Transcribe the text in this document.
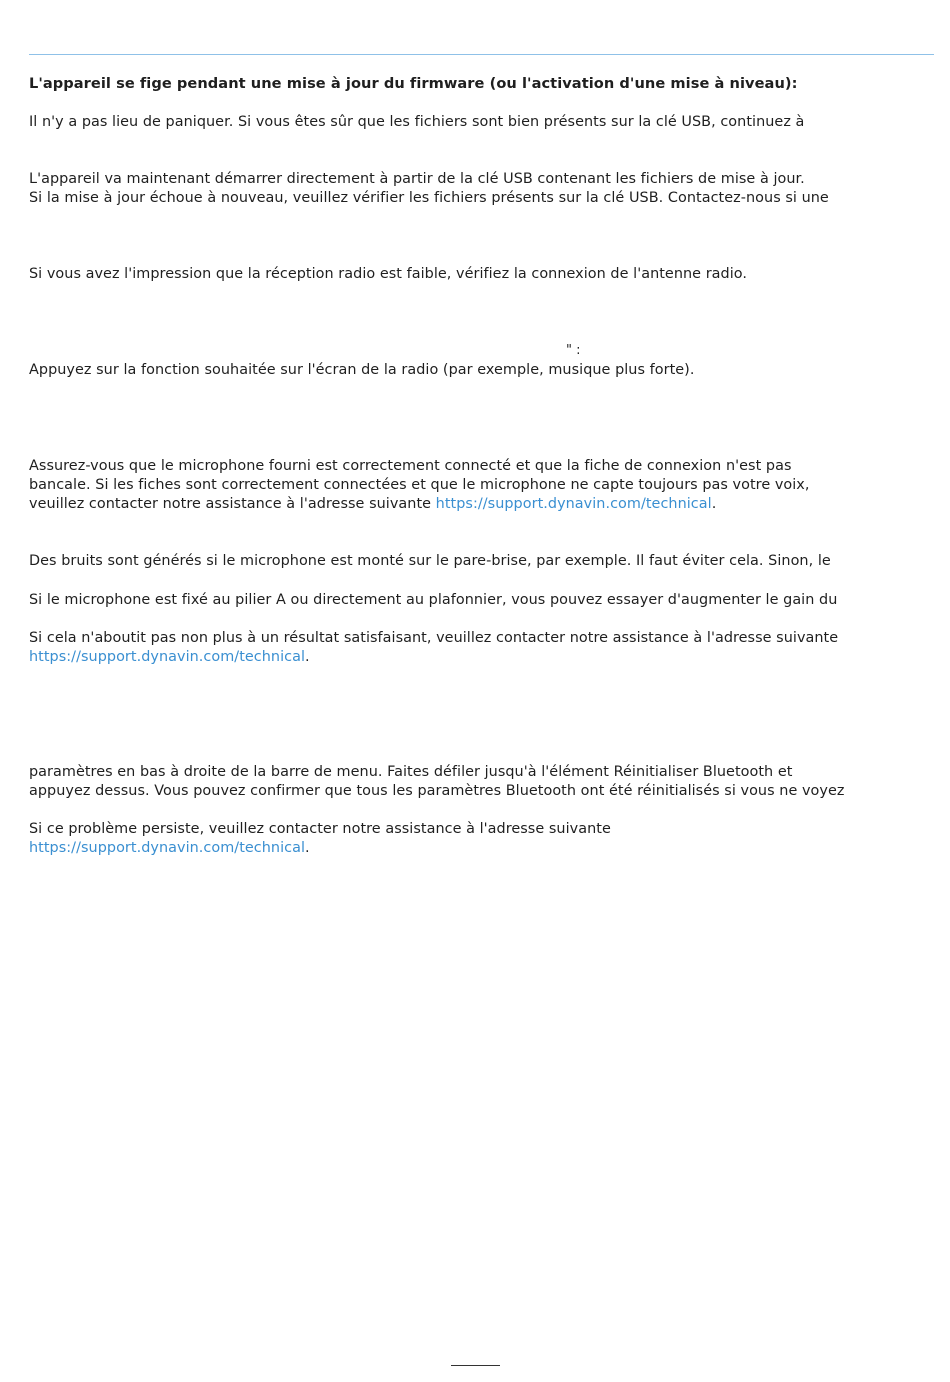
L'appareil se fige pendant une mise à jour du firmware (ou l'activation d'une mise à niveau):
Il n'y a pas lieu de paniquer. Si vous êtes sûr que les fichiers sont bien présents sur la clé USB, continuez à
L'appareil va maintenant démarrer directement à partir de la clé USB contenant les fichiers de mise à jour.
Si la mise à jour échoue à nouveau, veuillez vérifier les fichiers présents sur la clé USB. Contactez-nous si une
Si vous avez l'impression que la réception radio est faible, vérifiez la connexion de l'antenne radio.
" :
Appuyez sur la fonction souhaitée sur l'écran de la radio (par exemple, musique plus forte).
Assurez-vous que le microphone fourni est correctement connecté et que la fiche de connexion n'est pas
bancale. Si les fiches sont correctement connectées et que le microphone ne capte toujours pas votre voix,
veuillez contacter notre assistance à l'adresse suivante https://support.dynavin.com/technical.
Des bruits sont générés si le microphone est monté sur le pare-brise, par exemple. Il faut éviter cela. Sinon, le
Si le microphone est fixé au pilier A ou directement au plafonnier, vous pouvez essayer d'augmenter le gain du
Si cela n'aboutit pas non plus à un résultat satisfaisant, veuillez contacter notre assistance à l'adresse suivante
https://support.dynavin.com/technical.
paramètres en bas à droite de la barre de menu. Faites défiler jusqu'à l'élément Réinitialiser Bluetooth et
appuyez dessus. Vous pouvez confirmer que tous les paramètres Bluetooth ont été réinitialisés si vous ne voyez
Si ce problème persiste, veuillez contacter notre assistance à l'adresse suivante
https://support.dynavin.com/technical.
